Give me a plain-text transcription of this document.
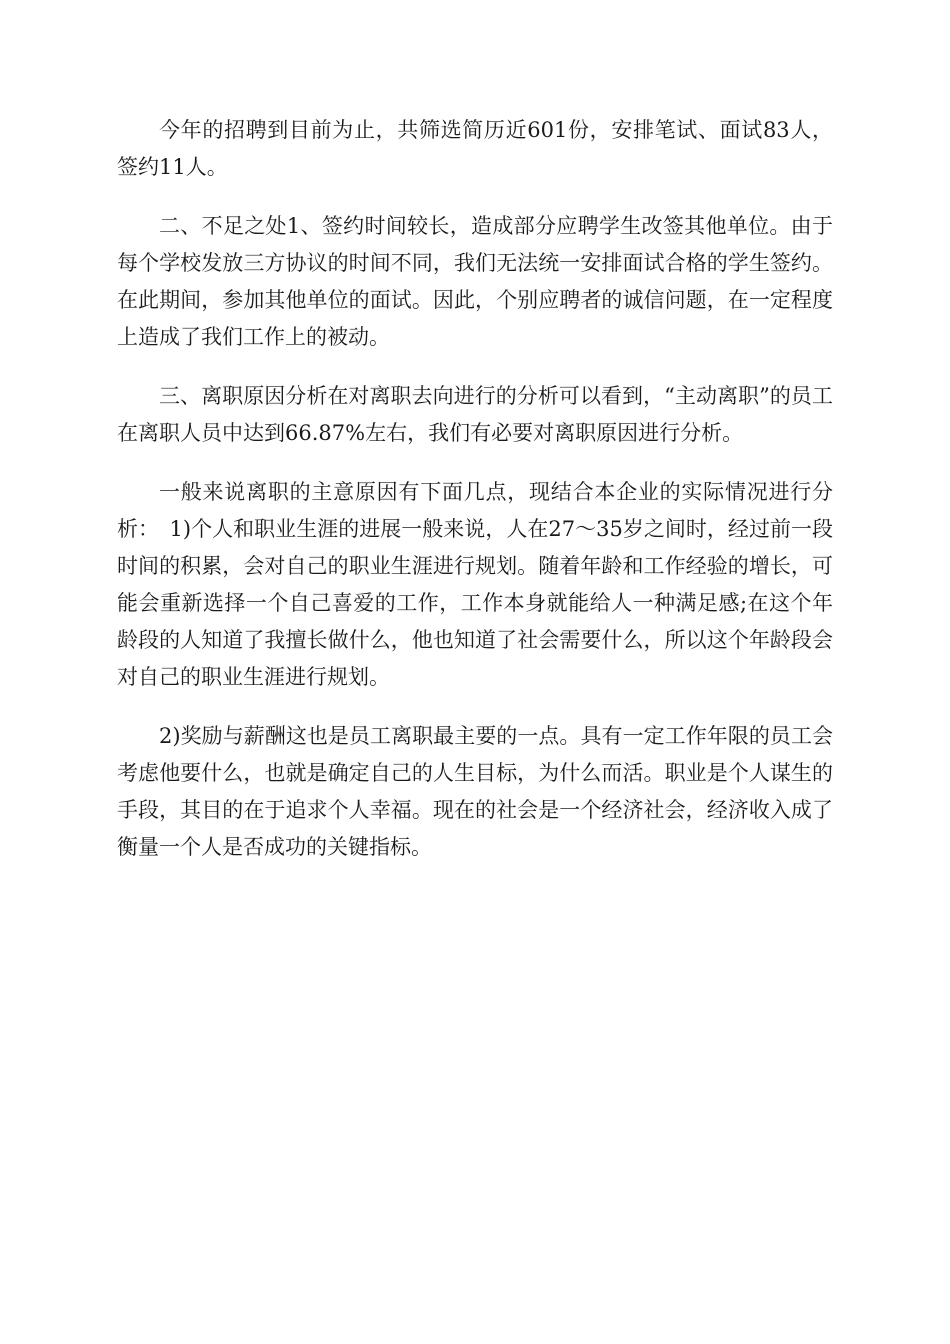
今年的招聘到目前为止，共筛选简历近601份，安排笔试、面试83人，签约11人。

二、不足之处1、签约时间较长，造成部分应聘学生改签其他单位。由于每个学校发放三方协议的时间不同，我们无法统一安排面试合格的学生签约。在此期间，参加其他单位的面试。因此，个别应聘者的诚信问题，在一定程度上造成了我们工作上的被动。

三、离职原因分析在对离职去向进行的分析可以看到，“主动离职”的员工在离职人员中达到66.87%左右，我们有必要对离职原因进行分析。

一般来说离职的主意原因有下面几点，现结合本企业的实际情况进行分析：　1)个人和职业生涯的进展一般来说，人在27～35岁之间时，经过前一段时间的积累，会对自己的职业生涯进行规划。随着年龄和工作经验的增长，可能会重新选择一个自己喜爱的工作，工作本身就能给人一种满足感;在这个年龄段的人知道了我擅长做什么，他也知道了社会需要什么，所以这个年龄段会对自己的职业生涯进行规划。

2)奖励与薪酬这也是员工离职最主要的一点。具有一定工作年限的员工会考虑他要什么，也就是确定自己的人生目标，为什么而活。职业是个人谋生的手段，其目的在于追求个人幸福。现在的社会是一个经济社会，经济收入成了衡量一个人是否成功的关键指标。
